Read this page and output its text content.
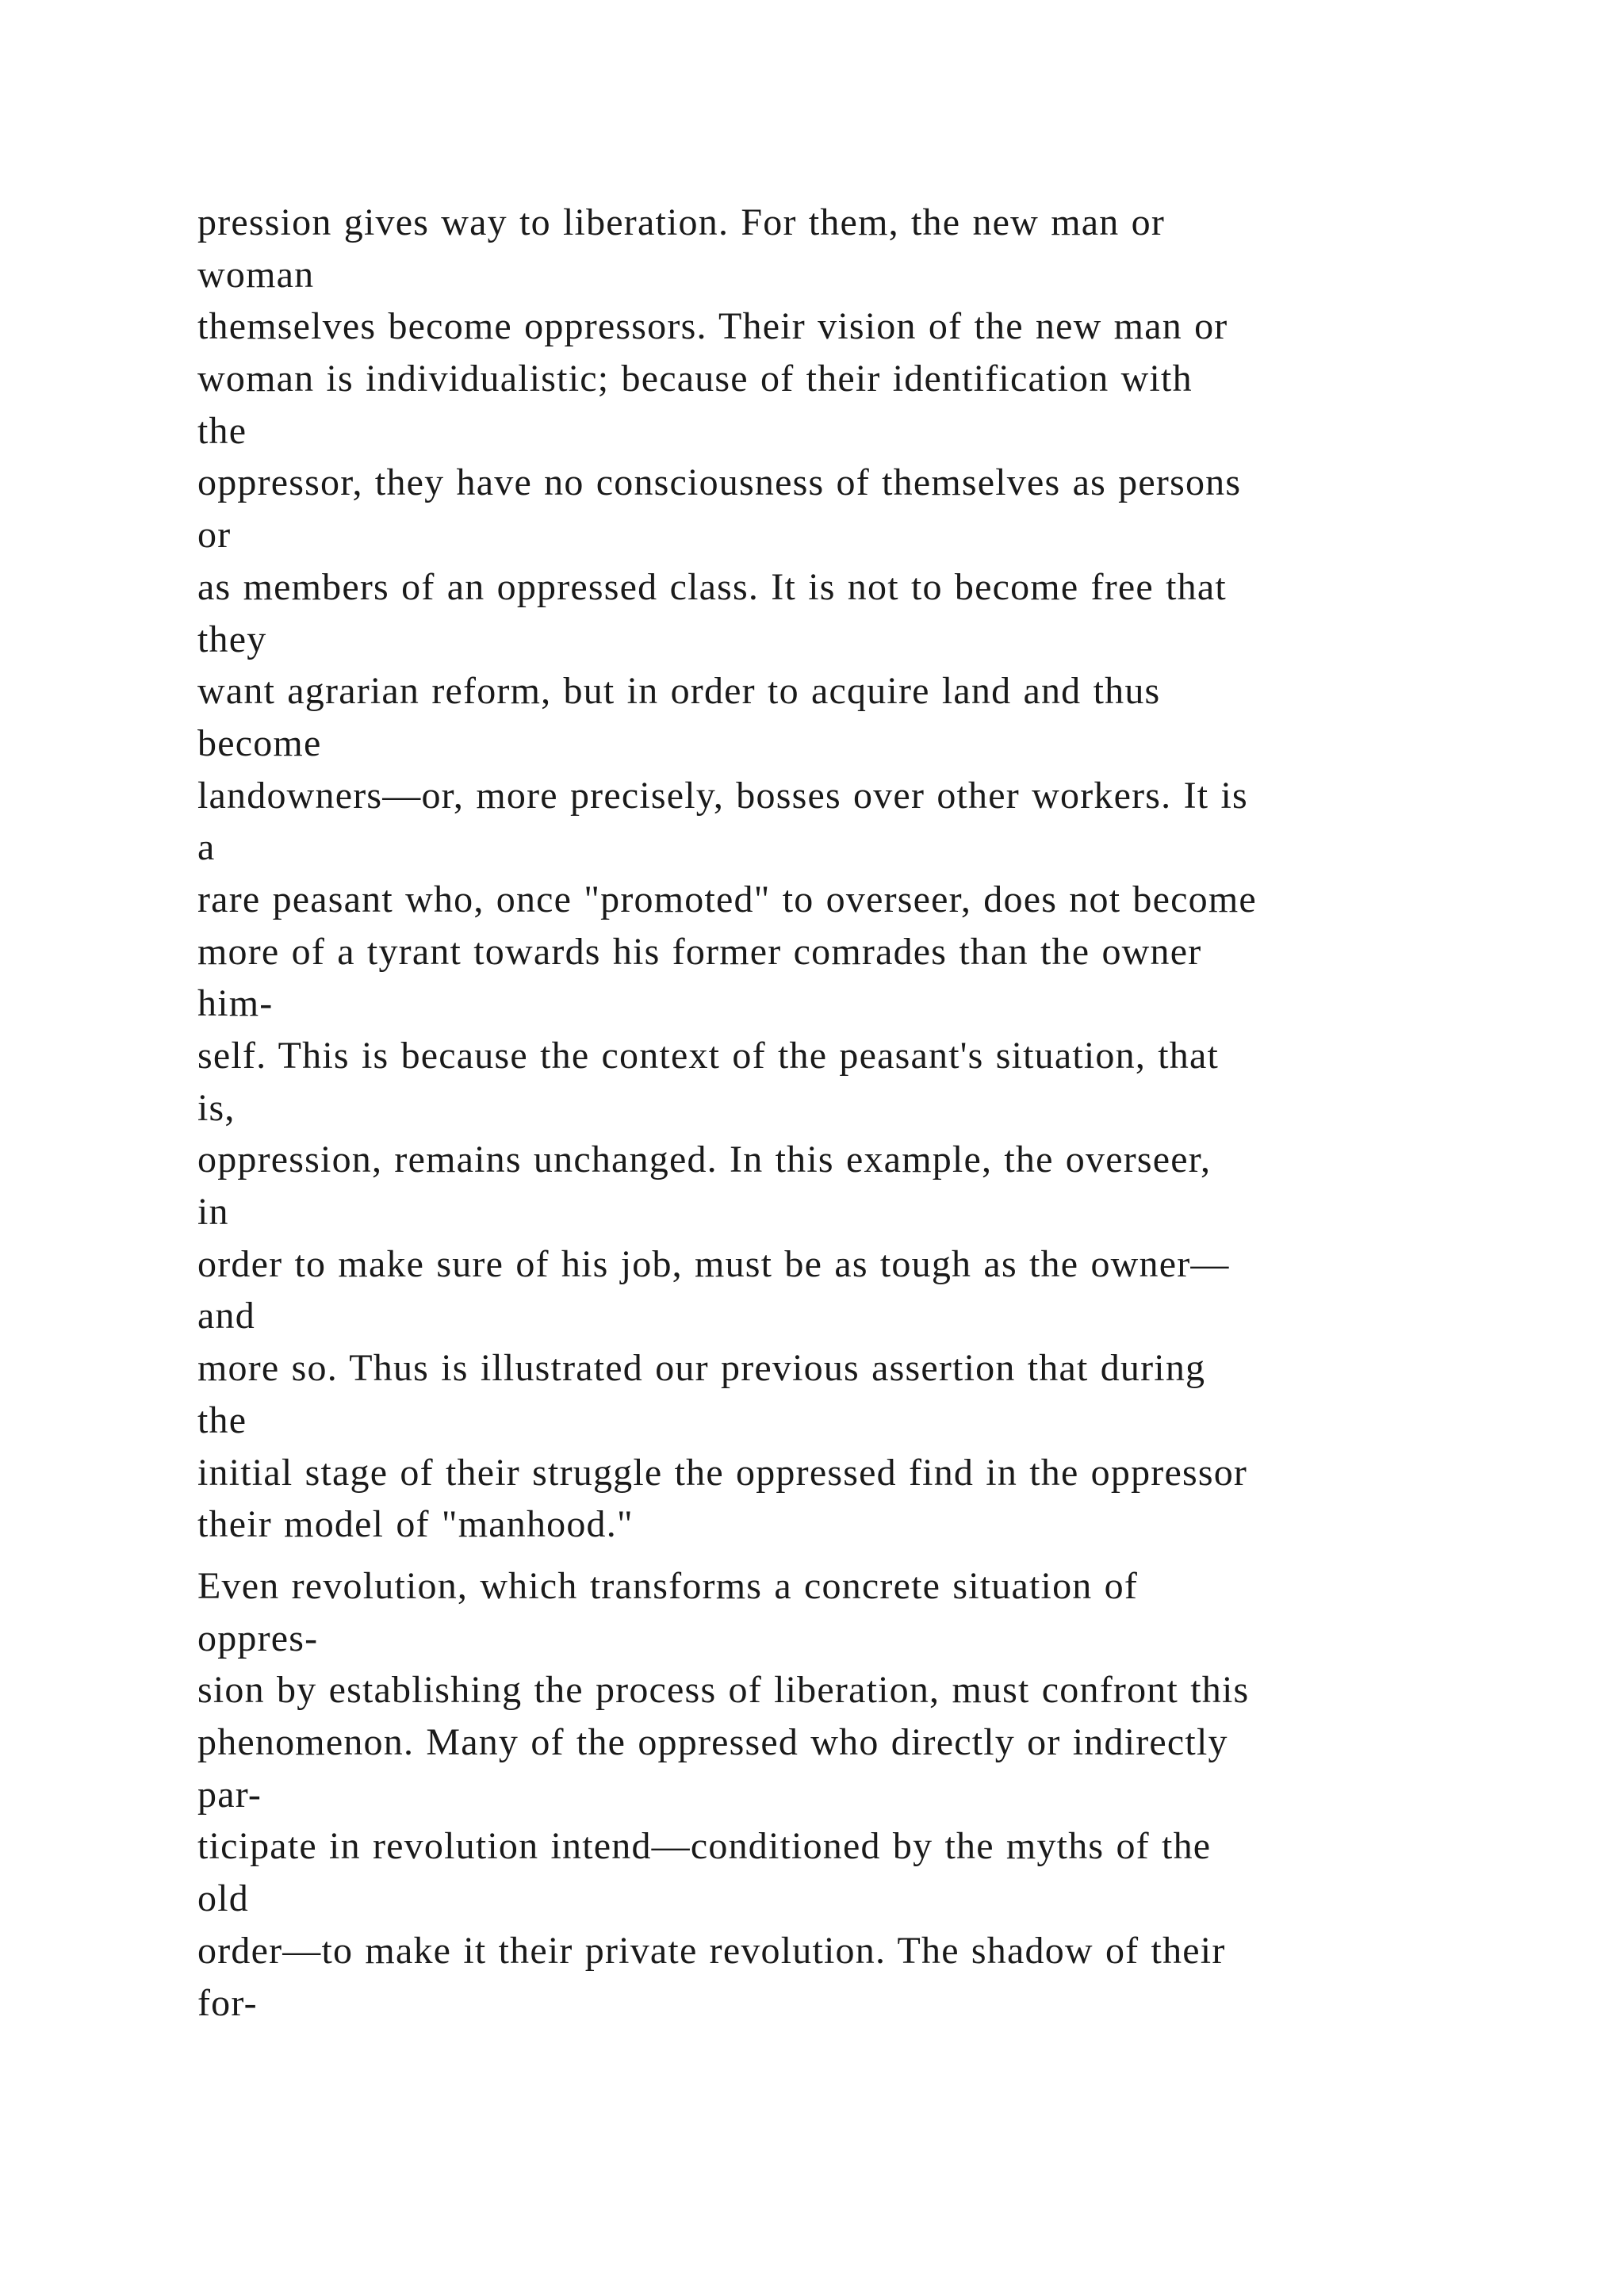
pression gives way to liberation. For them, the new man or
woman
themselves become oppressors. Their vision of the new man or
woman is individualistic; because of their identification with
the
oppressor, they have no consciousness of themselves as persons
or
as members of an oppressed class. It is not to become free that
they
want agrarian reform, but in order to acquire land and thus
become
landowners—or, more precisely, bosses over other workers. It is
a
rare peasant who, once "promoted" to overseer, does not become
more of a tyrant towards his former comrades than the owner
him-
self. This is because the context of the peasant's situation, that
is,
oppression, remains unchanged. In this example, the overseer,
in
order to make sure of his job, must be as tough as the owner—
and
more so. Thus is illustrated our previous assertion that during
the
initial stage of their struggle the oppressed find in the oppressor
their model of "manhood."
Even revolution, which transforms a concrete situation of
oppres-
sion by establishing the process of liberation, must confront this
phenomenon. Many of the oppressed who directly or indirectly
par-
ticipate in revolution intend—conditioned by the myths of the
old
order—to make it their private revolution. The shadow of their
for-
